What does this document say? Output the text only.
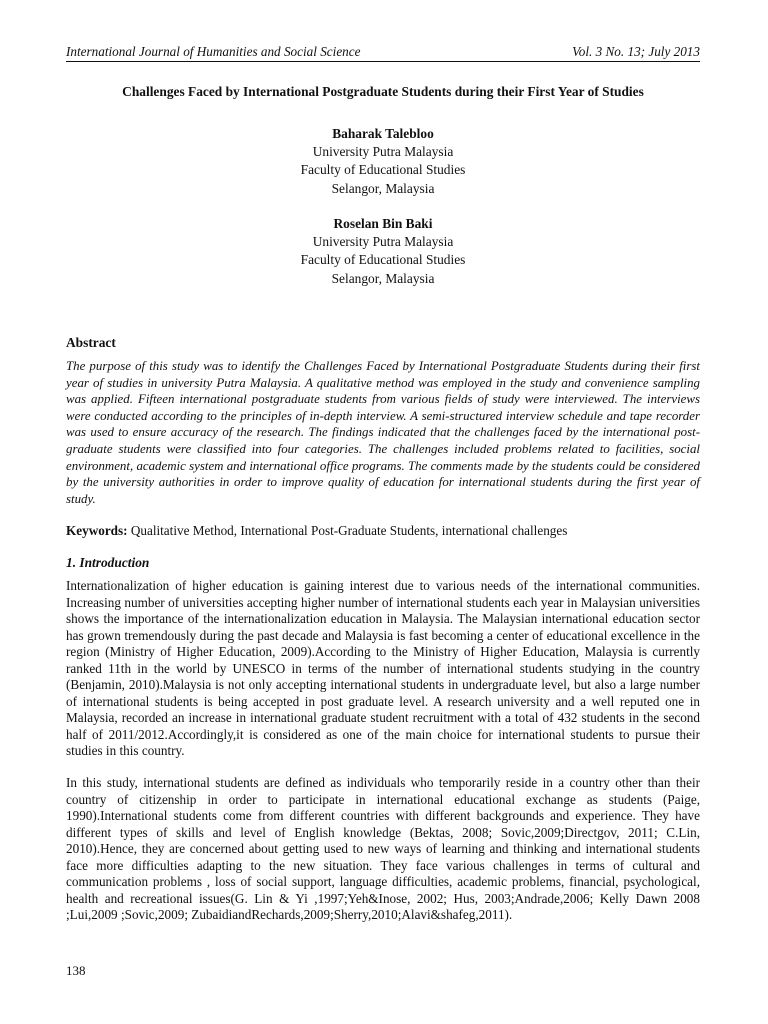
International Journal of Humanities and Social Science	Vol. 3 No. 13; July 2013
Challenges Faced by International Postgraduate Students during their First Year of Studies
Baharak Talebloo
University Putra Malaysia
Faculty of Educational Studies
Selangor, Malaysia
Roselan Bin Baki
University Putra Malaysia
Faculty of Educational Studies
Selangor, Malaysia
Abstract
The purpose of this study was to identify the Challenges Faced by International Postgraduate Students during their first year of studies in university Putra Malaysia. A qualitative method was employed in the study and convenience sampling was applied. Fifteen international postgraduate students from various fields of study were interviewed. The interviews were conducted according to the principles of in-depth interview. A semi-structured interview schedule and tape recorder was used to ensure accuracy of the research. The findings indicated that the challenges faced by the international post-graduate students were classified into four categories. The challenges included problems related to facilities, social environment, academic system and international office programs. The comments made by the students could be considered by the university authorities in order to improve quality of education for international students during the first year of study.
Keywords: Qualitative Method, International Post-Graduate Students, international challenges
1. Introduction
Internationalization of higher education is gaining interest due to various needs of the international communities. Increasing number of universities accepting higher number of international students each year in Malaysian universities shows the importance of the internationalization education in Malaysia. The Malaysian international education sector has grown tremendously during the past decade and Malaysia is fast becoming a center of educational excellence in the region (Ministry of Higher Education, 2009).According to the Ministry of Higher Education, Malaysia is currently ranked 11th in the world by UNESCO in terms of the number of international students studying in the country (Benjamin, 2010).Malaysia is not only accepting international students in undergraduate level, but also a large number of international students is being accepted in post graduate level. A research university and a well reputed one in Malaysia, recorded an increase in international graduate student recruitment with a total of 432 students in the second half of 2011/2012.Accordingly,it is considered as one of the main choice for international students to pursue their studies in this country.
In this study, international students are defined as individuals who temporarily reside in a country other than their country of citizenship in order to participate in international educational exchange as students (Paige, 1990).International students come from different countries with different backgrounds and experience. They have different types of skills and level of English knowledge (Bektas, 2008; Sovic,2009;Directgov, 2011; C.Lin, 2010).Hence, they are concerned about getting used to new ways of learning and thinking and international students face more difficulties adapting to the new situation. They face various challenges in terms of cultural and communication problems , loss of social support, language difficulties, academic problems, financial, psychological, health and recreational issues(G. Lin & Yi ,1997;Yeh&Inose, 2002; Hus, 2003;Andrade,2006; Kelly Dawn 2008 ;Lui,2009 ;Sovic,2009; ZubaidiandRechards,2009;Sherry,2010;Alavi&shafeg,2011).
138
